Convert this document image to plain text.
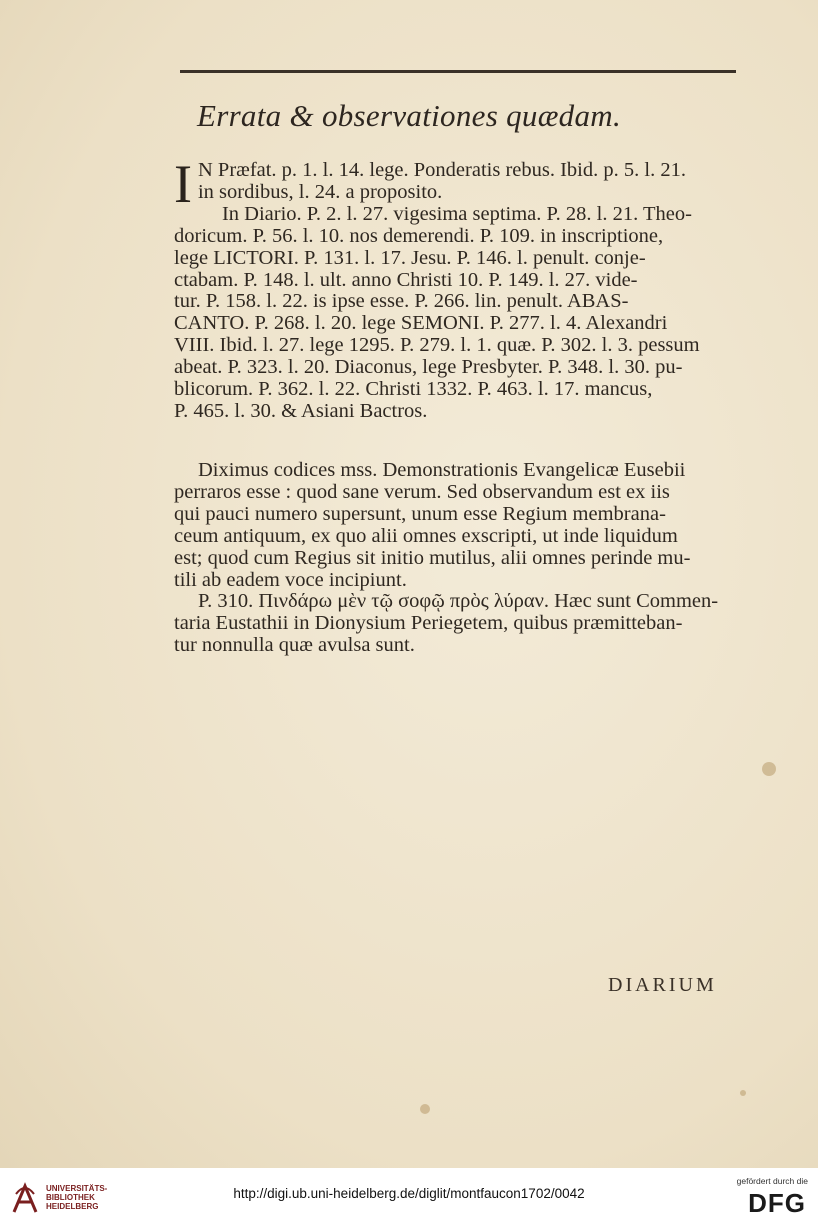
Errata & observationes quædam.
I N Præfat. p. 1. l. 14. lege. Ponderatis rebus. Ibid. p. 5. l. 21.

in sordibus, l. 24. a proposito.

In Diario. P. 2. l. 27. vigesima septima. P. 28. l. 21. Theo-

doricum. P. 56. l. 10. nos demerendi. P. 109. in inscriptione,

lege LICTORI. P. 131. l. 17. Jesu. P. 146. l. penult. conje-

ctabam. P. 148. l. ult. anno Christi 10. P. 149. l. 27. vide-

tur. P. 158. l. 22. is ipse esse. P. 266. lin. penult. ABAS-

CANTO. P. 268. l. 20. lege SEMONI. P. 277. l. 4. Alexandri

VIII. Ibid. l. 27. lege 1295. P. 279. l. 1. quæ. P. 302. l. 3. pessum

abeat. P. 323. l. 20. Diaconus, lege Presbyter. P. 348. l. 30. pu-

blicorum. P. 362. l. 22. Christi 1332. P. 463. l. 17. mancus,

P. 465. l. 30. & Asiani Bactros.

Diximus codices mss. Demonstrationis Evangelicæ Eusebii

perraros esse : quod sane verum. Sed observandum est ex iis

qui pauci numero supersunt, unum esse Regium membrana-

ceum antiquum, ex quo alii omnes exscripti, ut inde liquidum

est; quod cum Regius sit initio mutilus, alii omnes perinde mu-

tili ab eadem voce incipiunt.

P. 310. Πινδάρω μὲν τῷ σοφῷ πρὸς λύραν. Hæc sunt Commen-

taria Eustathii in Dionysium Periegetem, quibus præmitteban-

tur nonnulla quæ avulsa sunt.

DIARIUM
UNIVERSITÄTS-
BIBLIOTHEK
HEIDELBERG
http://digi.ub.uni-heidelberg.de/diglit/montfaucon1702/0042
gefördert durch die
DFG
